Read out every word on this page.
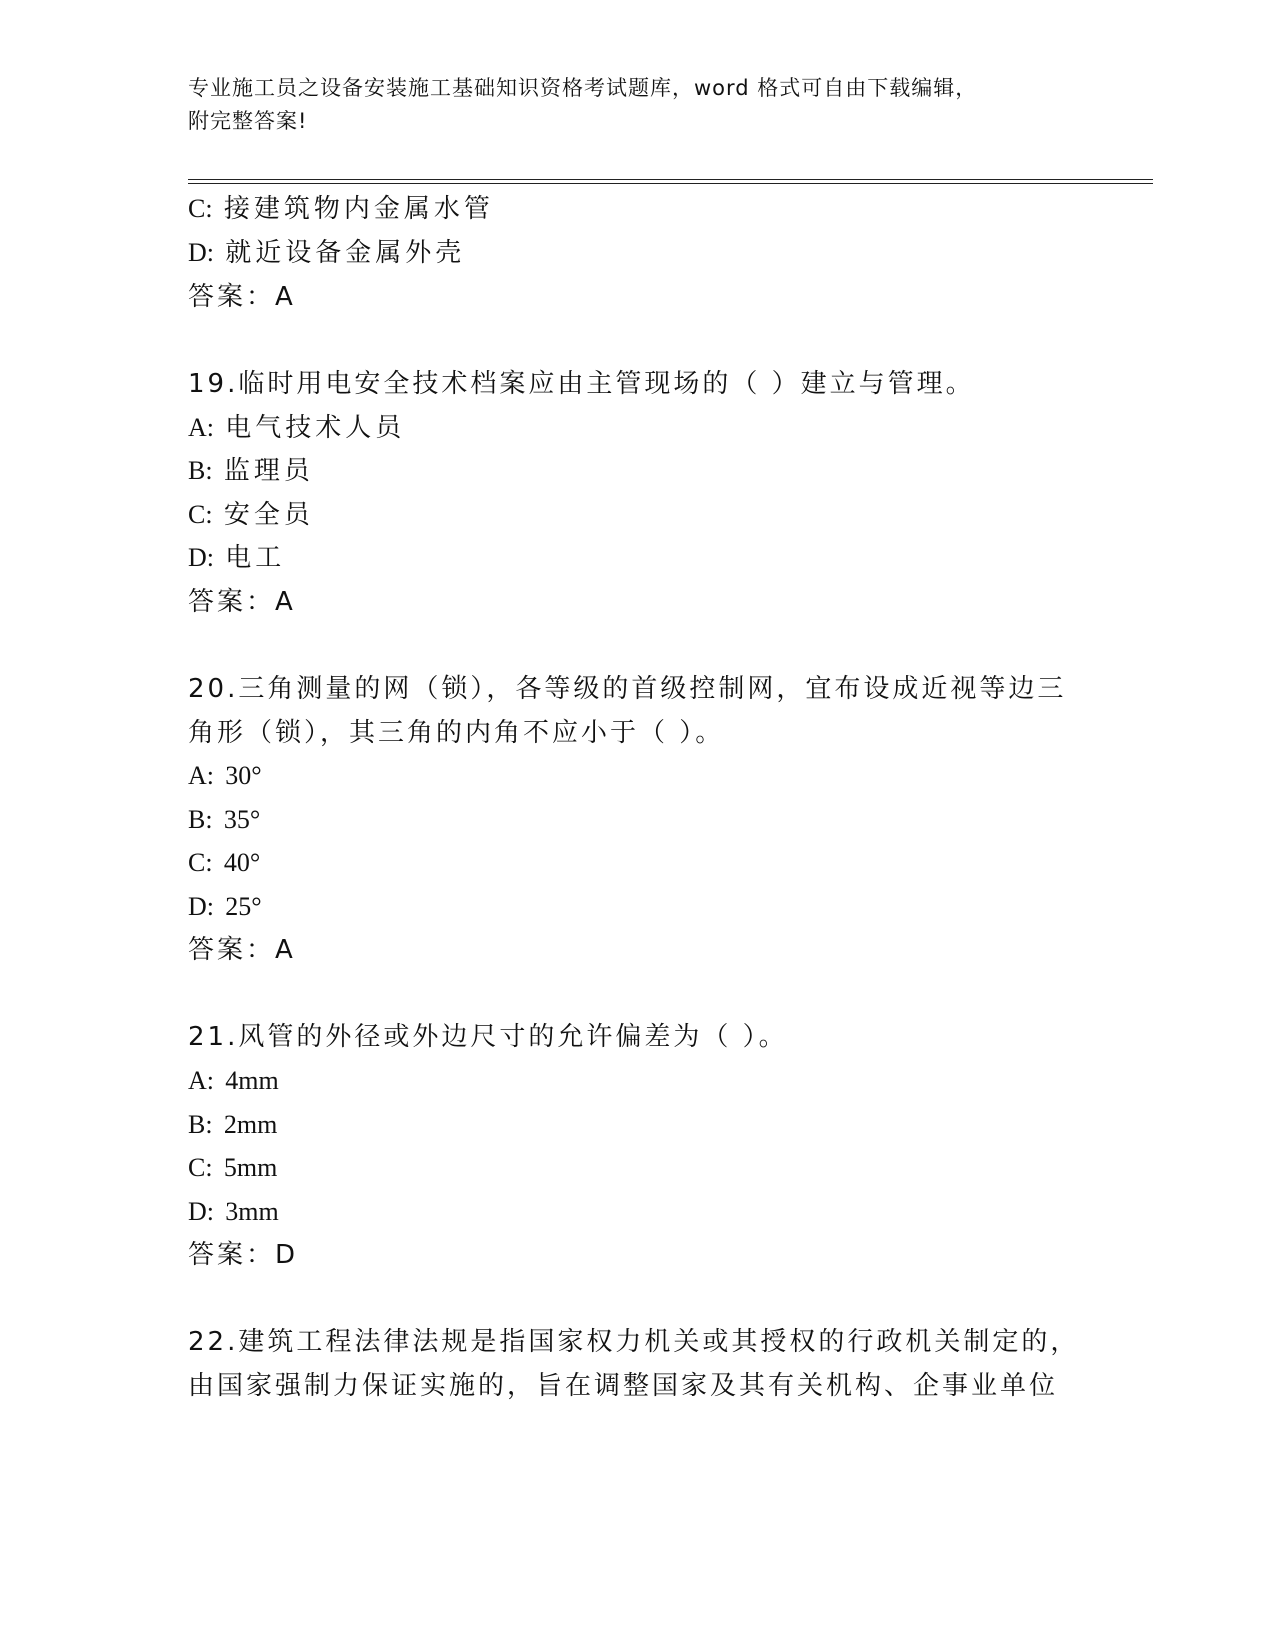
专业施工员之设备安装施工基础知识资格考试题库，word 格式可自由下载编辑，
附完整答案!
C: 接建筑物内金属水管
D: 就近设备金属外壳
答案：A
19.临时用电安全技术档案应由主管现场的（ ）建立与管理。
A: 电气技术人员
B: 监理员
C: 安全员
D: 电工
答案：A
20.三角测量的网（锁），各等级的首级控制网，宜布设成近视等边三
角形（锁），其三角的内角不应小于（ ）。
A: 30°
B: 35°
C: 40°
D: 25°
答案：A
21.风管的外径或外边尺寸的允许偏差为（ ）。
A: 4mm
B: 2mm
C: 5mm
D: 3mm
答案：D
22.建筑工程法律法规是指国家权力机关或其授权的行政机关制定的，
由国家强制力保证实施的，旨在调整国家及其有关机构、企事业单位
